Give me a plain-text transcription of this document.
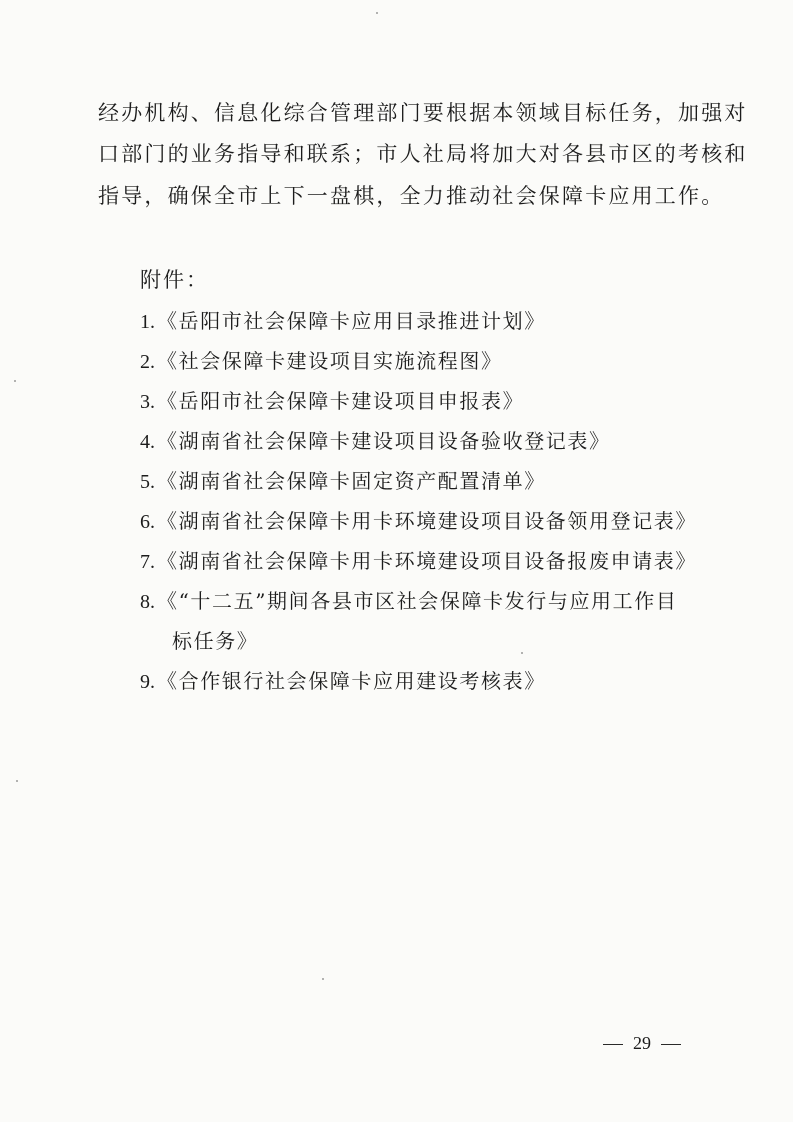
经办机构、信息化综合管理部门要根据本领域目标任务，加强对
口部门的业务指导和联系；市人社局将加大对各县市区的考核和
指导，确保全市上下一盘棋，全力推动社会保障卡应用工作。
附件：
1. 《岳阳市社会保障卡应用目录推进计划》
2. 《社会保障卡建设项目实施流程图》
3. 《岳阳市社会保障卡建设项目申报表》
4. 《湖南省社会保障卡建设项目设备验收登记表》
5. 《湖南省社会保障卡固定资产配置清单》
6. 《湖南省社会保障卡用卡环境建设项目设备领用登记表》
7. 《湖南省社会保障卡用卡环境建设项目设备报废申请表》
8. 《“十二五”期间各县市区社会保障卡发行与应用工作目
标任务》
9. 《合作银行社会保障卡应用建设考核表》
29
